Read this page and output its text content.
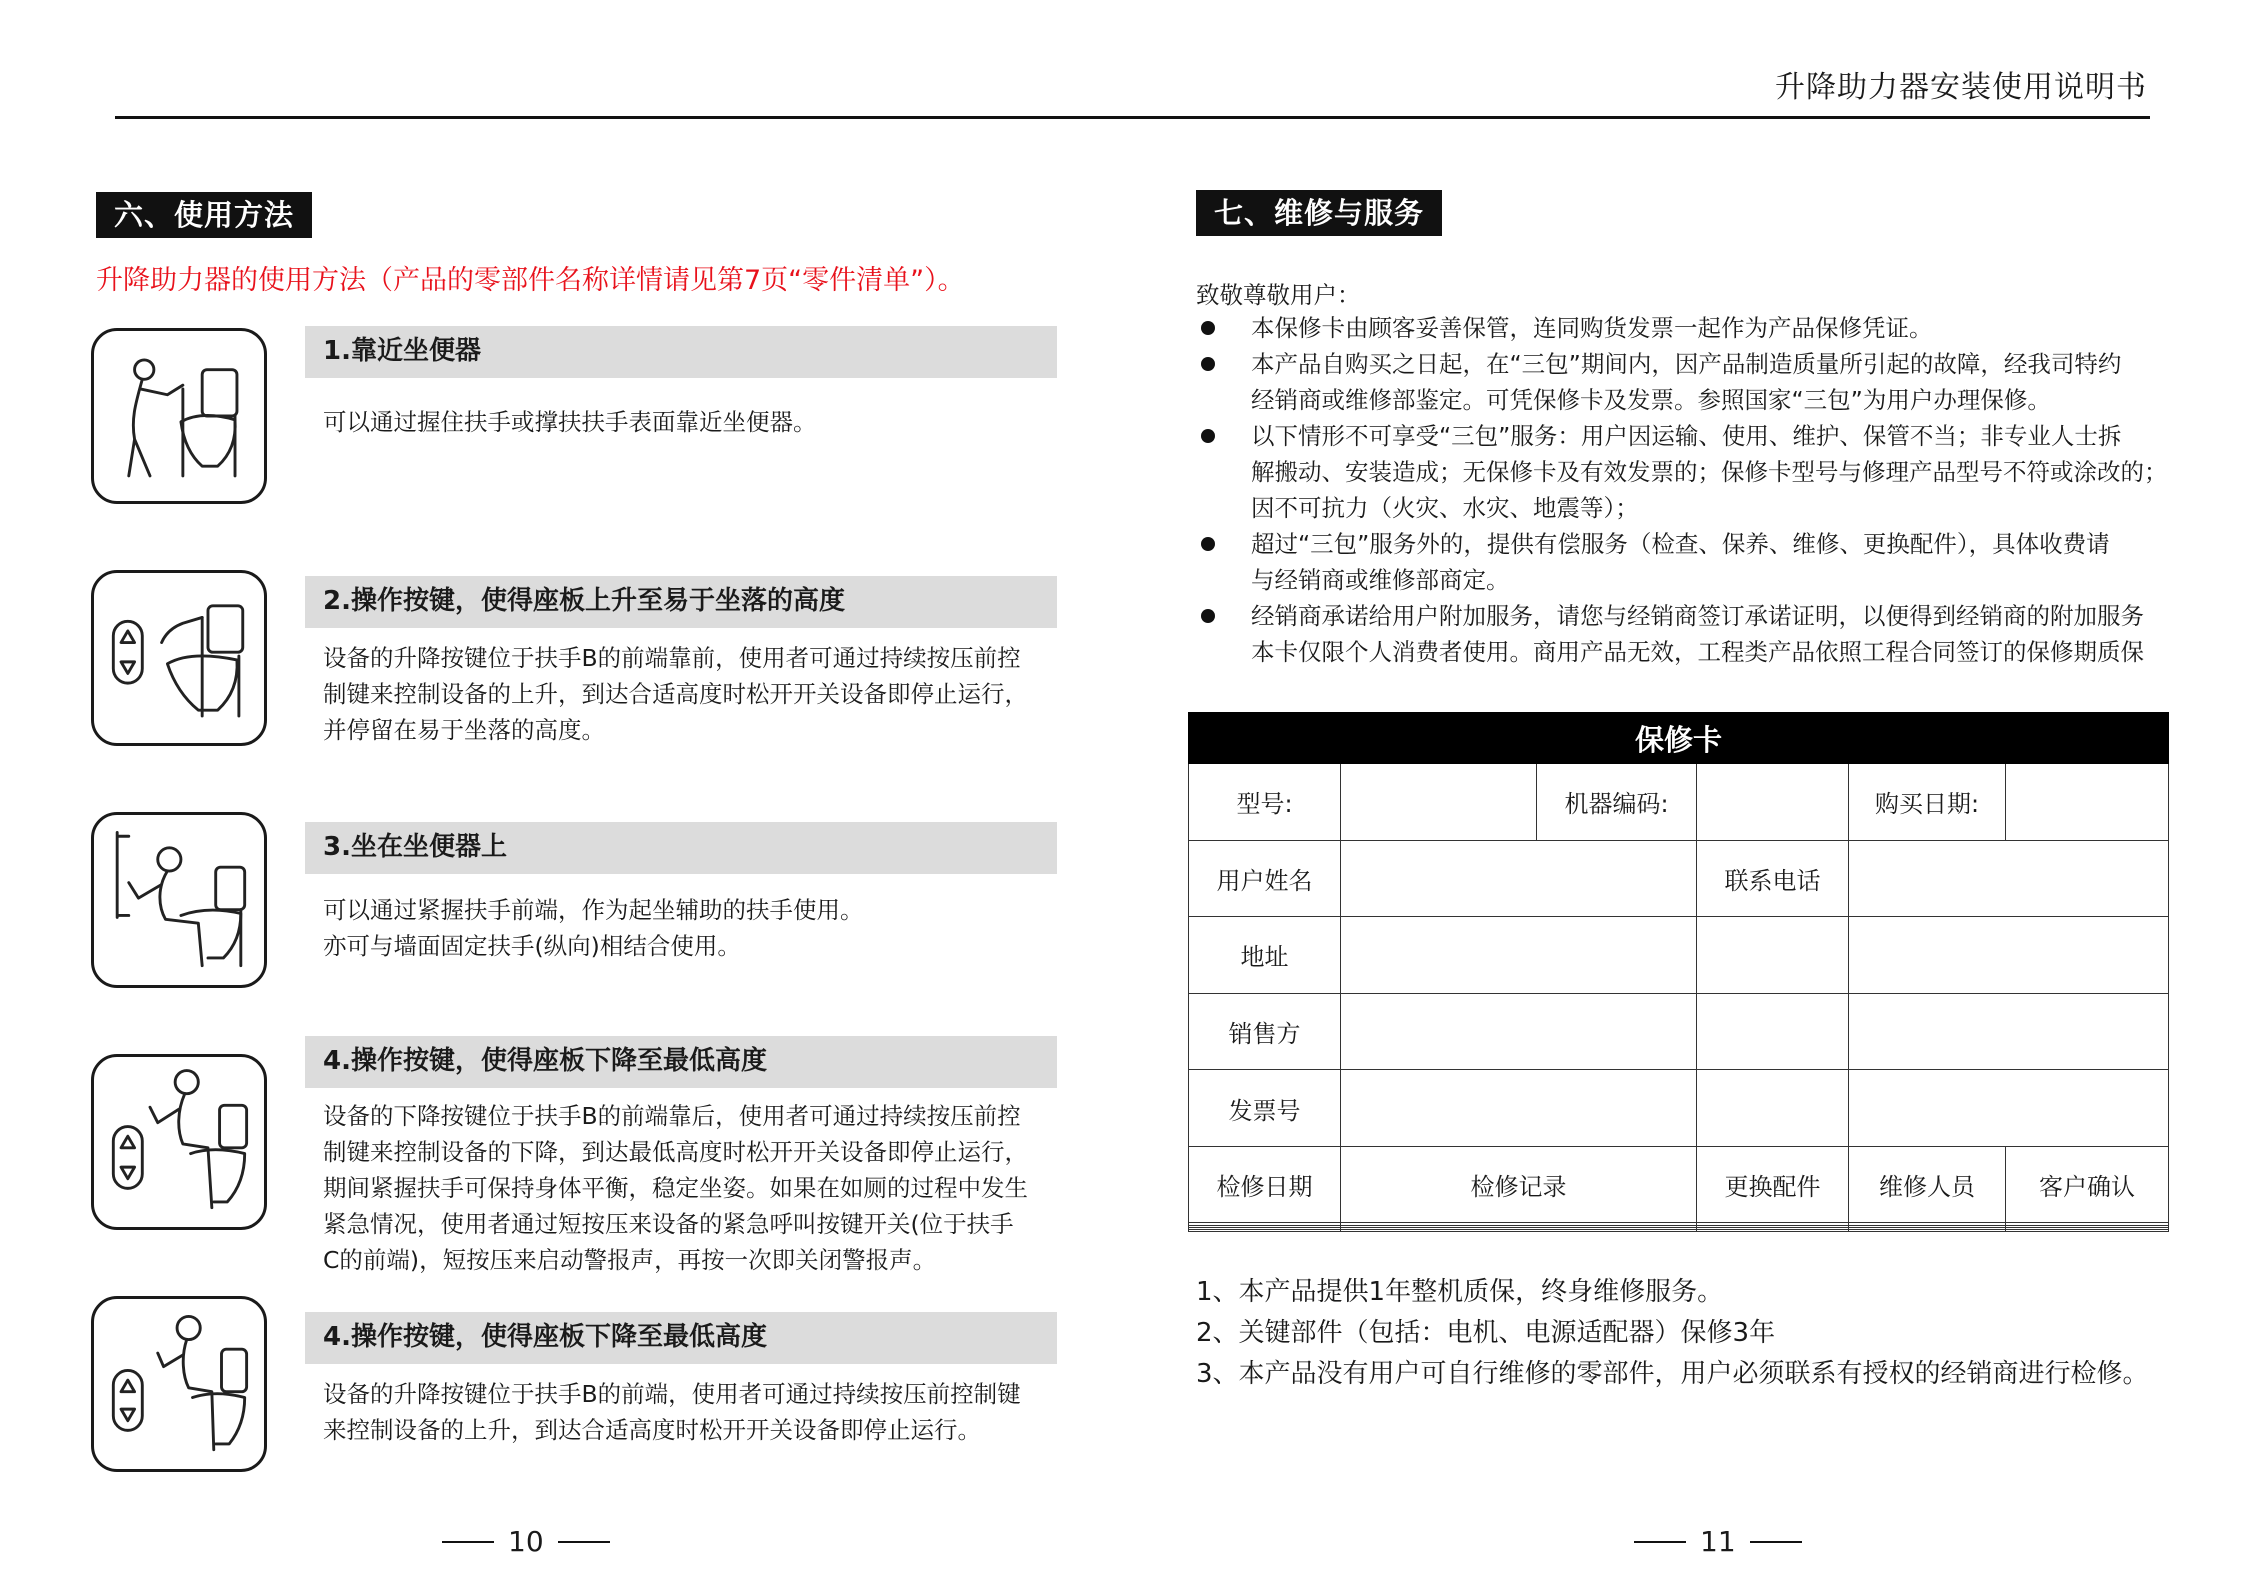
升降助力器安装使用说明书
六、使用方法
升降助力器的使用方法（产品的零部件名称详情请见第7页“零件清单”）。
1.靠近坐便器
可以通过握住扶手或撑扶扶手表面靠近坐便器。
2.操作按键，使得座板上升至易于坐落的高度
设备的升降按键位于扶手B的前端靠前，使用者可通过持续按压前控
制键来控制设备的上升，到达合适高度时松开开关设备即停止运行，
并停留在易于坐落的高度。
3.坐在坐便器上
可以通过紧握扶手前端，作为起坐辅助的扶手使用。
亦可与墙面固定扶手(纵向)相结合使用。
4.操作按键，使得座板下降至最低高度
设备的下降按键位于扶手B的前端靠后，使用者可通过持续按压前控
制键来控制设备的下降，到达最低高度时松开开关设备即停止运行，
期间紧握扶手可保持身体平衡，稳定坐姿。如果在如厕的过程中发生
紧急情况，使用者通过短按压来设备的紧急呼叫按键开关(位于扶手
C的前端)，短按压来启动警报声，再按一次即关闭警报声。
4.操作按键，使得座板下降至最低高度
设备的升降按键位于扶手B的前端，使用者可通过持续按压前控制键
来控制设备的上升，到达合适高度时松开开关设备即停止运行。
10
七、维修与服务
致敬尊敬用户：
本保修卡由顾客妥善保管，连同购货发票一起作为产品保修凭证。
本产品自购买之日起，在“三包”期间内，因产品制造质量所引起的故障，经我司特约
经销商或维修部鉴定。可凭保修卡及发票。参照国家“三包”为用户办理保修。
以下情形不可享受“三包”服务：用户因运输、使用、维护、保管不当；非专业人士拆
解搬动、安装造成；无保修卡及有效发票的；保修卡型号与修理产品型号不符或涂改的；
因不可抗力（火灾、水灾、地震等）；
超过“三包”服务外的，提供有偿服务（检查、保养、维修、更换配件），具体收费请
与经销商或维修部商定。
经销商承诺给用户附加服务，请您与经销商签订承诺证明，以便得到经销商的附加服务
本卡仅限个人消费者使用。商用产品无效，工程类产品依照工程合同签订的保修期质保
保修卡					
型号:		机器编码:		购买日期:	
用户姓名			联系电话		
地址					
销售方					
发票号					
检修日期	检修记录		更换配件	维修人员	客户确认

1、本产品提供1年整机质保，终身维修服务。
2、关键部件（包括：电机、电源适配器）保修3年
3、本产品没有用户可自行维修的零部件，用户必须联系有授权的经销商进行检修。
11
